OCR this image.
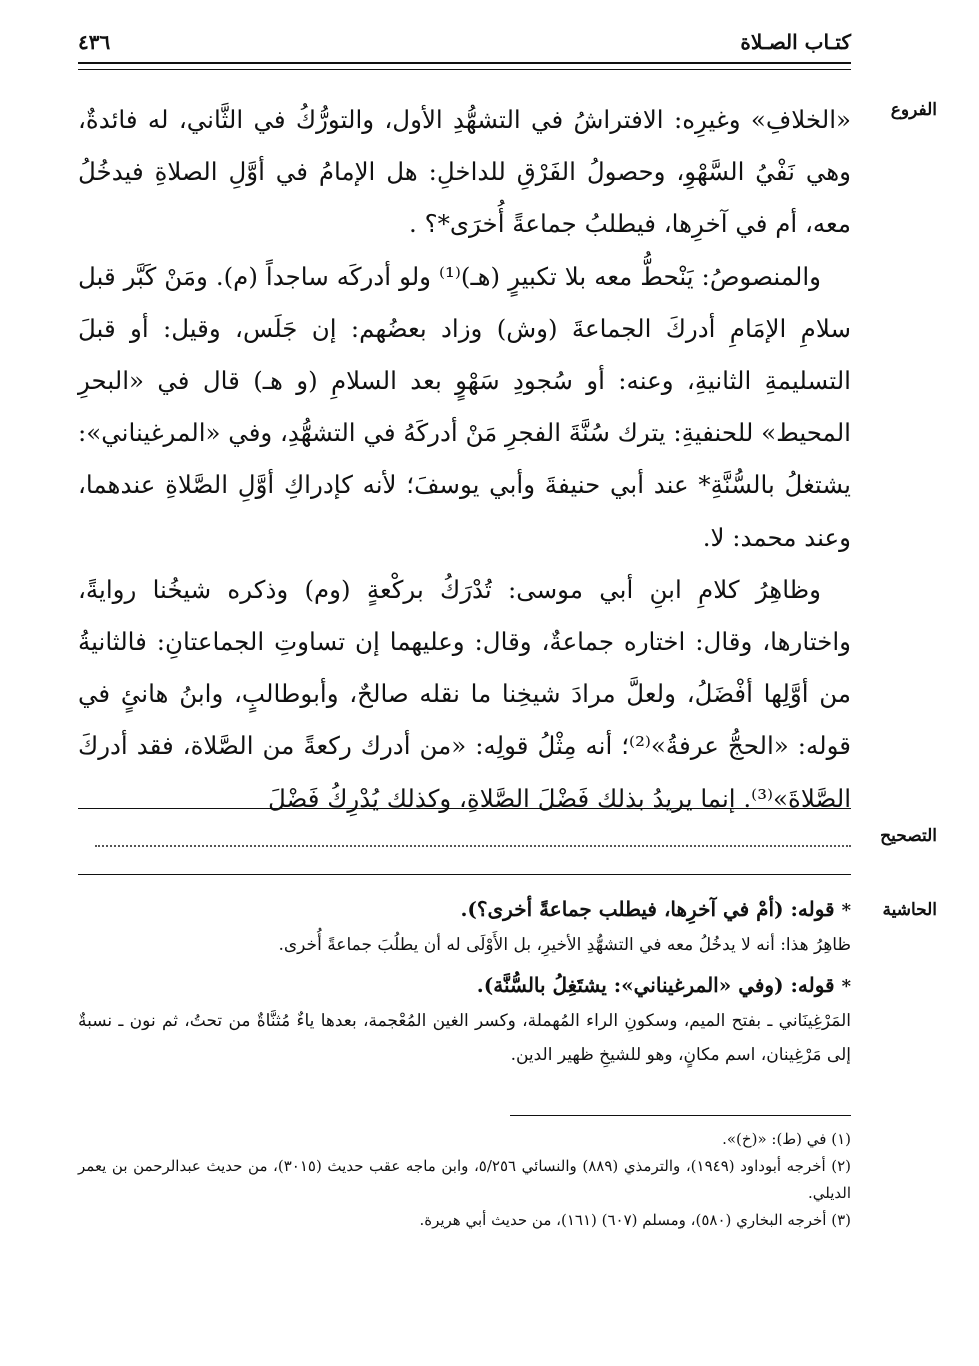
كتـاب الصـلاة
٤٣٦
الفروع

«الخلافِ» وغيرِه: الافتراشُ في التشهُّدِ الأول، والتورُّكُ في الثَّاني، له فائدةٌ، وهي نَفْيُ السَّهْوِ، وحصولُ الفَرْقِ للداخلِ: هل الإمامُ في أوَّلِ الصلاةِ فيدخُلُ معه، أم في آخرِها، فيطلبُ جماعةً أُخرَى*؟ .

والمنصوصُ: يَنْحطُّ معه بلا تكبيرٍ (هـ)⁽¹⁾ ولو أدركَه ساجداً (م). ومَنْ كَبَّر قبل سلامِ الإمَامِ أدركَ الجماعةَ (وش) وزاد بعضُهم: إن جَلَس، وقيل: أو قبلَ التسليمةِ الثانيةِ، وعنه: أو سُجودِ سَهْوٍ بعد السلامِ (و هـ) قال في «البحرِ المحيط» للحنفيةِ: يترك سُنَّةَ الفجرِ مَنْ أدركَهُ في التشهُّدِ، وفي «المرغيناني»: يشتغلُ بالسُّنَّةِ* عند أبي حنيفةَ وأبي يوسفَ؛ لأنه كإدراكِ أوَّلِ الصَّلاةِ عندهما، وعند محمد: لا.

وظاهِرُ كلامِ ابنِ أبي موسى: تُدْرَكُ بركْعةٍ (وم) وذكره شيخُنا روايةً، واختارها، وقال: اختاره جماعةٌ، وقال: وعليهما إن تساوتِ الجماعتانِ: فالثانيةُ من أوَّلِها أفْضَلُ، ولعلَّ مرادَ شيخِنا ما نقله صالحٌ، وأبوطالبٍ، وابنُ هانئٍ في قوله: «الحجُّ عرفةُ»⁽²⁾؛ أنه مِثْلُ قولِه: «من أدرك ركعةً من الصَّلاة، فقد أدركَ الصَّلاةَ»⁽³⁾. إنما يريدُ بذلك فَضْلَ الصَّلاةِ، وكذلك يُدْرِكُ فَضْلَ

التصحيح
الحاشية

* قوله: (أمْ في آخرِها، فيطلب جماعةً أخرى؟).

ظاهِرُ هذا: أنه لا يدخُلُ معه في التشهُّدِ الأخيرِ، بل الأَوْلَى له أن يطلُبَ جماعةً أُخرى.

* قوله: (وفي «المرغيناني»: يشتَغِلُ بالسُّنَّة).

المَرْغِينَاني ـ بفتح الميم، وسكونِ الراء المُهملة، وكسر الغين المُعْجمة، بعدها ياءٌ مُثنَّاةٌ من تحتُ، ثم نون ـ نسبةٌ إلى مَرْغِينان، اسم مكانٍ، وهو للشيخِ ظهير الدين.

(١) في (ط): «(خ)».

(٢) أخرجه أبوداود (١٩٤٩)، والترمذي (٨٨٩) والنسائي ٥/٢٥٦، وابن ماجه عقب حديث (٣٠١٥)، من حديث عبدالرحمن بن يعمر الديلي.

(٣) أخرجه البخاري (٥٨٠)، ومسلم (٦٠٧) (١٦١)، من حديث أبي هريرة.
